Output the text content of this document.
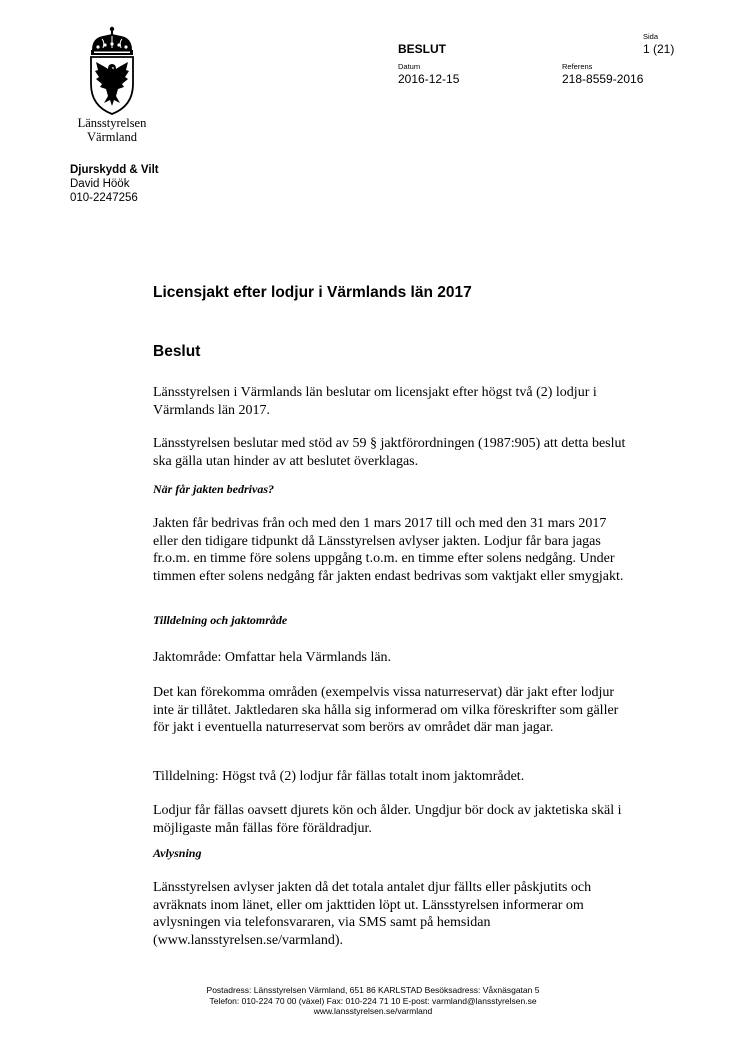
Länsstyrelsen
Värmland
Djurskydd & Vilt
David Höök
010-2247256
BESLUT
Datum
2016-12-15
Referens
218-8559-2016
Sida
1 (21)
Licensjakt efter lodjur i Värmlands län 2017
Beslut

Länsstyrelsen i Värmlands län beslutar om licensjakt efter högst två (2) lodjur i Värmlands län 2017.

Länsstyrelsen beslutar med stöd av 59 § jaktförordningen (1987:905) att detta beslut ska gälla utan hinder av att beslutet överklagas.

När får jakten bedrivas?

Jakten får bedrivas från och med den 1 mars 2017 till och med den 31 mars 2017 eller den tidigare tidpunkt då Länsstyrelsen avlyser jakten. Lodjur får bara jagas fr.o.m. en timme före solens uppgång t.o.m. en timme efter solens nedgång. Under timmen efter solens nedgång får jakten endast bedrivas som vaktjakt eller smygjakt.

Tilldelning och jaktområde

Jaktområde: Omfattar hela Värmlands län.

Det kan förekomma områden (exempelvis vissa naturreservat) där jakt efter lodjur inte är tillåtet. Jaktledaren ska hålla sig informerad om vilka föreskrifter som gäller för jakt i eventuella naturreservat som berörs av området där man jagar.

Tilldelning: Högst två (2) lodjur får fällas totalt inom jaktområdet.

Lodjur får fällas oavsett djurets kön och ålder. Ungdjur bör dock av jaktetiska skäl i möjligaste mån fällas före föräldradjur.

Avlysning

Länsstyrelsen avlyser jakten då det totala antalet djur fällts eller påskjutits och avräknats inom länet, eller om jakttiden löpt ut. Länsstyrelsen informerar om avlysningen via telefonsvararen, via SMS samt på hemsidan (www.lansstyrelsen.se/varmland).

Postadress: Länsstyrelsen Värmland, 651 86 KARLSTAD Besöksadress: Våxnäsgatan 5
Telefon: 010-224 70 00 (växel) Fax: 010-224 71 10 E-post: varmland@lansstyrelsen.se
www.lansstyrelsen.se/varmland
